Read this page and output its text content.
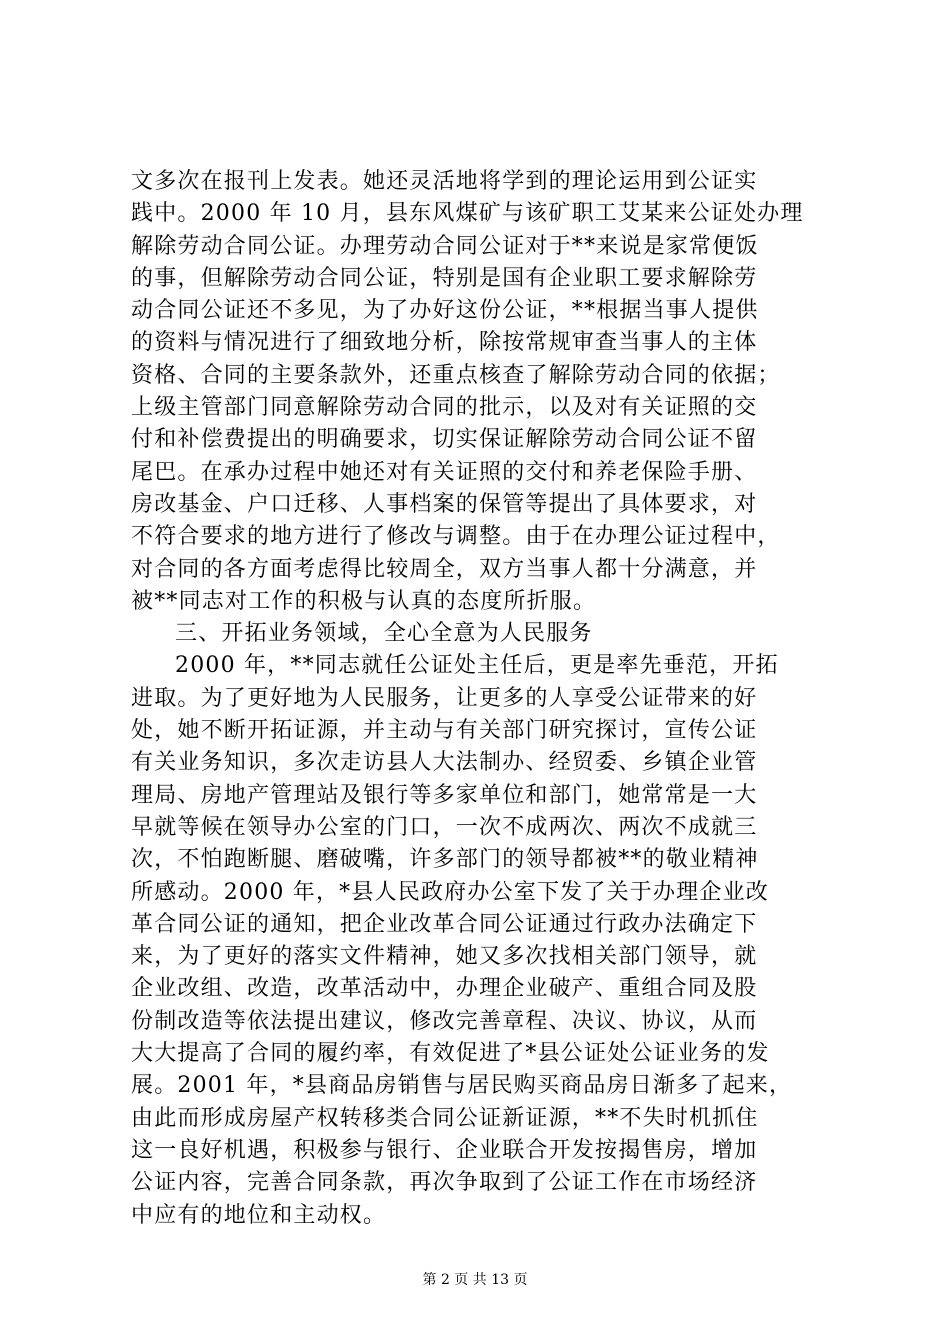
文多次在报刊上发表。她还灵活地将学到的理论运用到公证实
践中。2000 年 10 月，县东风煤矿与该矿职工艾某来公证处办理
解除劳动合同公证。办理劳动合同公证对于**来说是家常便饭
的事，但解除劳动合同公证，特别是国有企业职工要求解除劳
动合同公证还不多见，为了办好这份公证，**根据当事人提供
的资料与情况进行了细致地分析，除按常规审查当事人的主体
资格、合同的主要条款外，还重点核查了解除劳动合同的依据；
上级主管部门同意解除劳动合同的批示，以及对有关证照的交
付和补偿费提出的明确要求，切实保证解除劳动合同公证不留
尾巴。在承办过程中她还对有关证照的交付和养老保险手册、
房改基金、户口迁移、人事档案的保管等提出了具体要求，对
不符合要求的地方进行了修改与调整。由于在办理公证过程中，
对合同的各方面考虑得比较周全，双方当事人都十分满意，并
被**同志对工作的积极与认真的态度所折服。
三、开拓业务领域，全心全意为人民服务
2000 年，**同志就任公证处主任后，更是率先垂范，开拓
进取。为了更好地为人民服务，让更多的人享受公证带来的好
处，她不断开拓证源，并主动与有关部门研究探讨，宣传公证
有关业务知识，多次走访县人大法制办、经贸委、乡镇企业管
理局、房地产管理站及银行等多家单位和部门，她常常是一大
早就等候在领导办公室的门口，一次不成两次、两次不成就三
次，不怕跑断腿、磨破嘴，许多部门的领导都被**的敬业精神
所感动。2000 年，*县人民政府办公室下发了关于办理企业改
革合同公证的通知，把企业改革合同公证通过行政办法确定下
来，为了更好的落实文件精神，她又多次找相关部门领导，就
企业改组、改造，改革活动中，办理企业破产、重组合同及股
份制改造等依法提出建议，修改完善章程、决议、协议，从而
大大提高了合同的履约率，有效促进了*县公证处公证业务的发
展。2001 年，*县商品房销售与居民购买商品房日渐多了起来，
由此而形成房屋产权转移类合同公证新证源，**不失时机抓住
这一良好机遇，积极参与银行、企业联合开发按揭售房，增加
公证内容，完善合同条款，再次争取到了公证工作在市场经济
中应有的地位和主动权。
第 2 页 共 13 页
